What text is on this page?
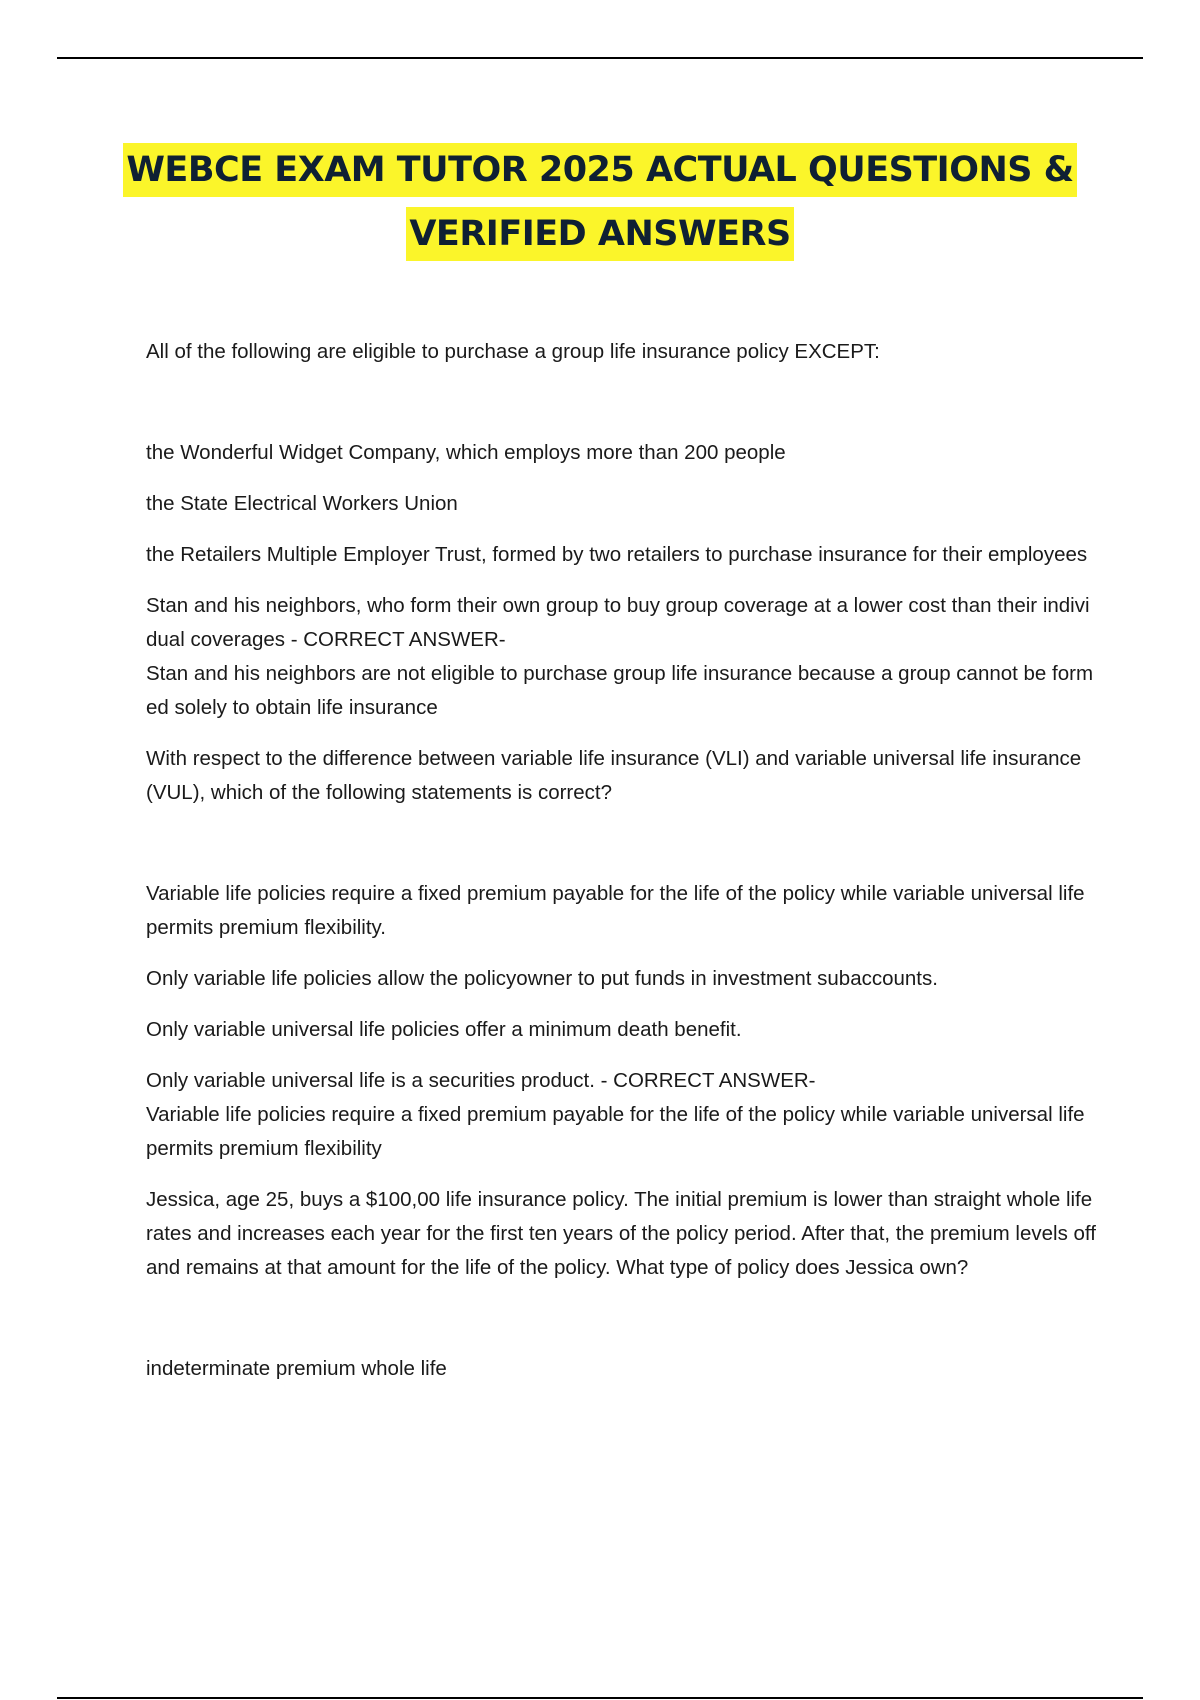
WEBCE EXAM TUTOR 2025 ACTUAL QUESTIONS &
VERIFIED ANSWERS

All of the following are eligible to purchase a group life insurance policy EXCEPT:

the Wonderful Widget Company, which employs more than 200 people

the State Electrical Workers Union

the Retailers Multiple Employer Trust, formed by two retailers to purchase insurance for their employees

Stan and his neighbors, who form their own group to buy group coverage at a lower cost than their individual coverages - CORRECT ANSWER-

Stan and his neighbors are not eligible to purchase group life insurance because a group cannot be formed solely to obtain life insurance

With respect to the difference between variable life insurance (VLI) and variable universal life insurance (VUL), which of the following statements is correct?

Variable life policies require a fixed premium payable for the life of the policy while variable universal life permits premium flexibility.

Only variable life policies allow the policyowner to put funds in investment subaccounts.

Only variable universal life policies offer a minimum death benefit.

Only variable universal life is a securities product. - CORRECT ANSWER-

Variable life policies require a fixed premium payable for the life of the policy while variable universal life permits premium flexibility

Jessica, age 25, buys a $100,00 life insurance policy. The initial premium is lower than straight whole life rates and increases each year for the first ten years of the policy period. After that, the premium levels off and remains at that amount for the life of the policy. What type of policy does Jessica own?

indeterminate premium whole life
